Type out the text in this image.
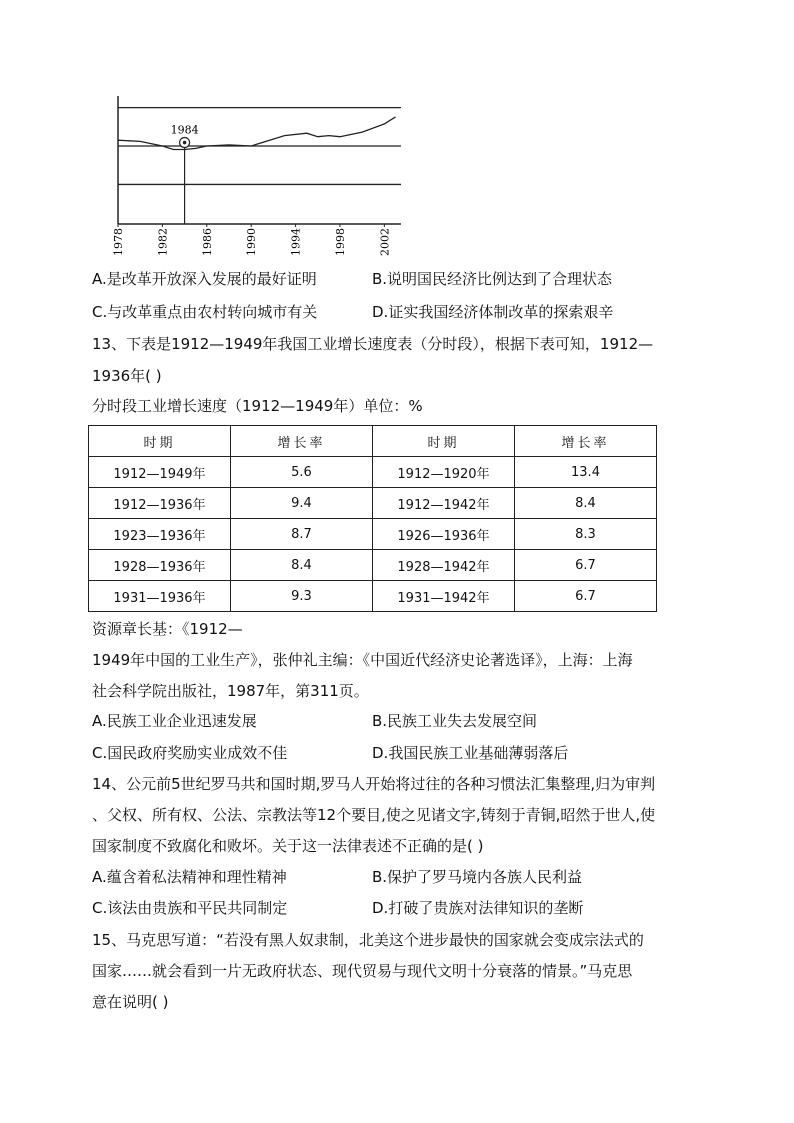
1984
1978	1982	1986	1990	1994	1998	2002
A.是改革开放深入发展的最好证明	B.说明国民经济比例达到了合理状态
C.与改革重点由农村转向城市有关	D.证实我国经济体制改革的探索艰辛
13、下表是1912—1949年我国工业增长速度表（分时段），根据下表可知，1912—
1936年( )
分时段工业增长速度（1912—1949年）单位：%
时期	增长率	时期	增长率
1912—1949年	5.6	1912—1920年	13.4
1912—1936年	9.4	1912—1942年	8.4
1923—1936年	8.7	1926—1936年	8.3
1928—1936年	8.4	1928—1942年	6.7
1931—1936年	9.3	1931—1942年	6.7
资源章长基：《1912—
1949年中国的工业生产》，张仲礼主编：《中国近代经济史论著选译》，上海：上海
社会科学院出版社，1987年，第311页。
A.民族工业企业迅速发展	B.民族工业失去发展空间
C.国民政府奖励实业成效不佳	D.我国民族工业基础薄弱落后
14、公元前5世纪罗马共和国时期,罗马人开始将过往的各种习惯法汇集整理,归为审判
、父权、所有权、公法、宗教法等12个要目,使之见诸文字,铸刻于青铜,昭然于世人,使
国家制度不致腐化和败坏。关于这一法律表述不正确的是( )
A.蕴含着私法精神和理性精神	B.保护了罗马境内各族人民利益
C.该法由贵族和平民共同制定	D.打破了贵族对法律知识的垄断
15、马克思写道：“若没有黑人奴隶制，北美这个进步最快的国家就会变成宗法式的
国家……就会看到一片无政府状态、现代贸易与现代文明十分衰落的情景。”马克思
意在说明( )
